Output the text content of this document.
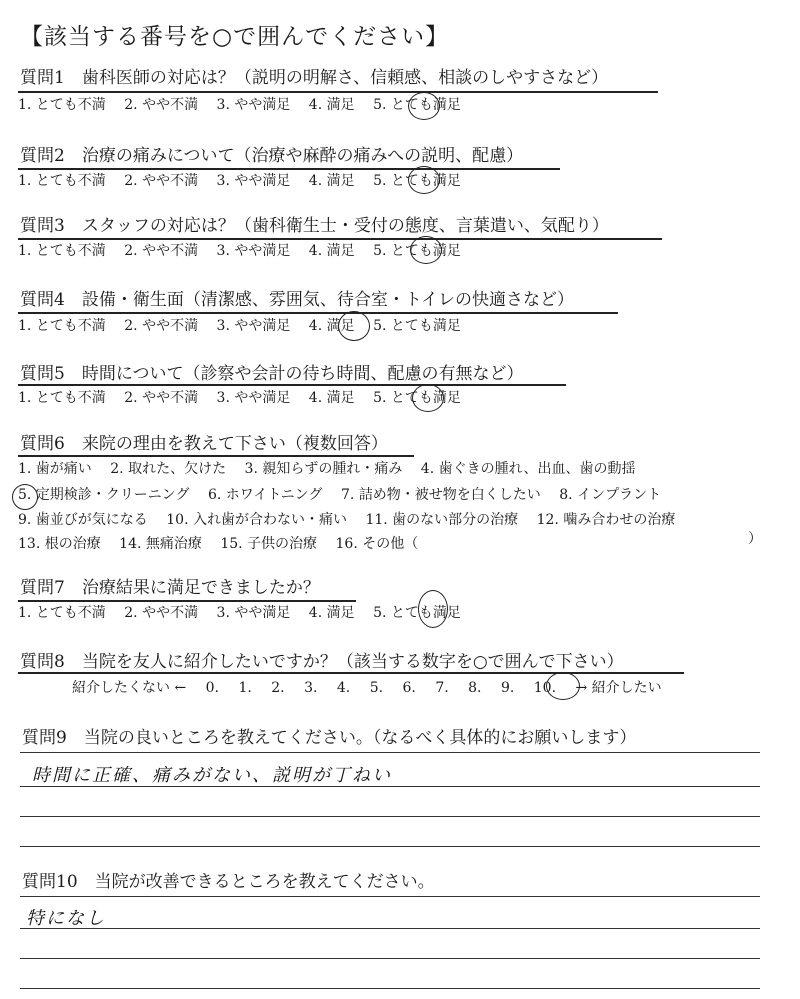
【該当する番号を○で囲んでください】
質問1　歯科医師の対応は？（説明の明解さ、信頼感、相談のしやすさなど）
1. とても不満 2. やや不満 3. やや満足 4. 満足 5. とても満足
質問2　治療の痛みについて（治療や麻酔の痛みへの説明、配慮）
1. とても不満 2. やや不満 3. やや満足 4. 満足 5. とても満足
質問3　スタッフの対応は？（歯科衛生士・受付の態度、言葉遣い、気配り）
1. とても不満 2. やや不満 3. やや満足 4. 満足 5. とても満足
質問4　設備・衛生面（清潔感、雰囲気、待合室・トイレの快適さなど）
1. とても不満 2. やや不満 3. やや満足 4. 満足 5. とても満足
質問5　時間について（診察や会計の待ち時間、配慮の有無など）
1. とても不満 2. やや不満 3. やや満足 4. 満足 5. とても満足
質問6　来院の理由を教えて下さい（複数回答）
1. 歯が痛い 2. 取れた、欠けた 3. 親知らずの腫れ・痛み 4. 歯ぐきの腫れ、出血、歯の動揺
5. 定期検診・クリーニング 6. ホワイトニング 7. 詰め物・被せ物を白くしたい 8. インプラント
9. 歯並びが気になる 10. 入れ歯が合わない・痛い 11. 歯のない部分の治療 12. 噛み合わせの治療
13. 根の治療 14. 無痛治療 15. 子供の治療 16. その他（	）
質問7　治療結果に満足できましたか？
1. とても不満 2. やや不満 3. やや満足 4. 満足 5. とても満足
質問8　当院を友人に紹介したいですか？（該当する数字を○で囲んで下さい）
紹介したくない ← 0. 1. 2. 3. 4. 5. 6. 7. 8. 9. 10. → 紹介したい
質問9　当院の良いところを教えてください。（なるべく具体的にお願いします）
時間に正確、痛みがない、説明が丁ねい
質問10　当院が改善できるところを教えてください。
特になし
